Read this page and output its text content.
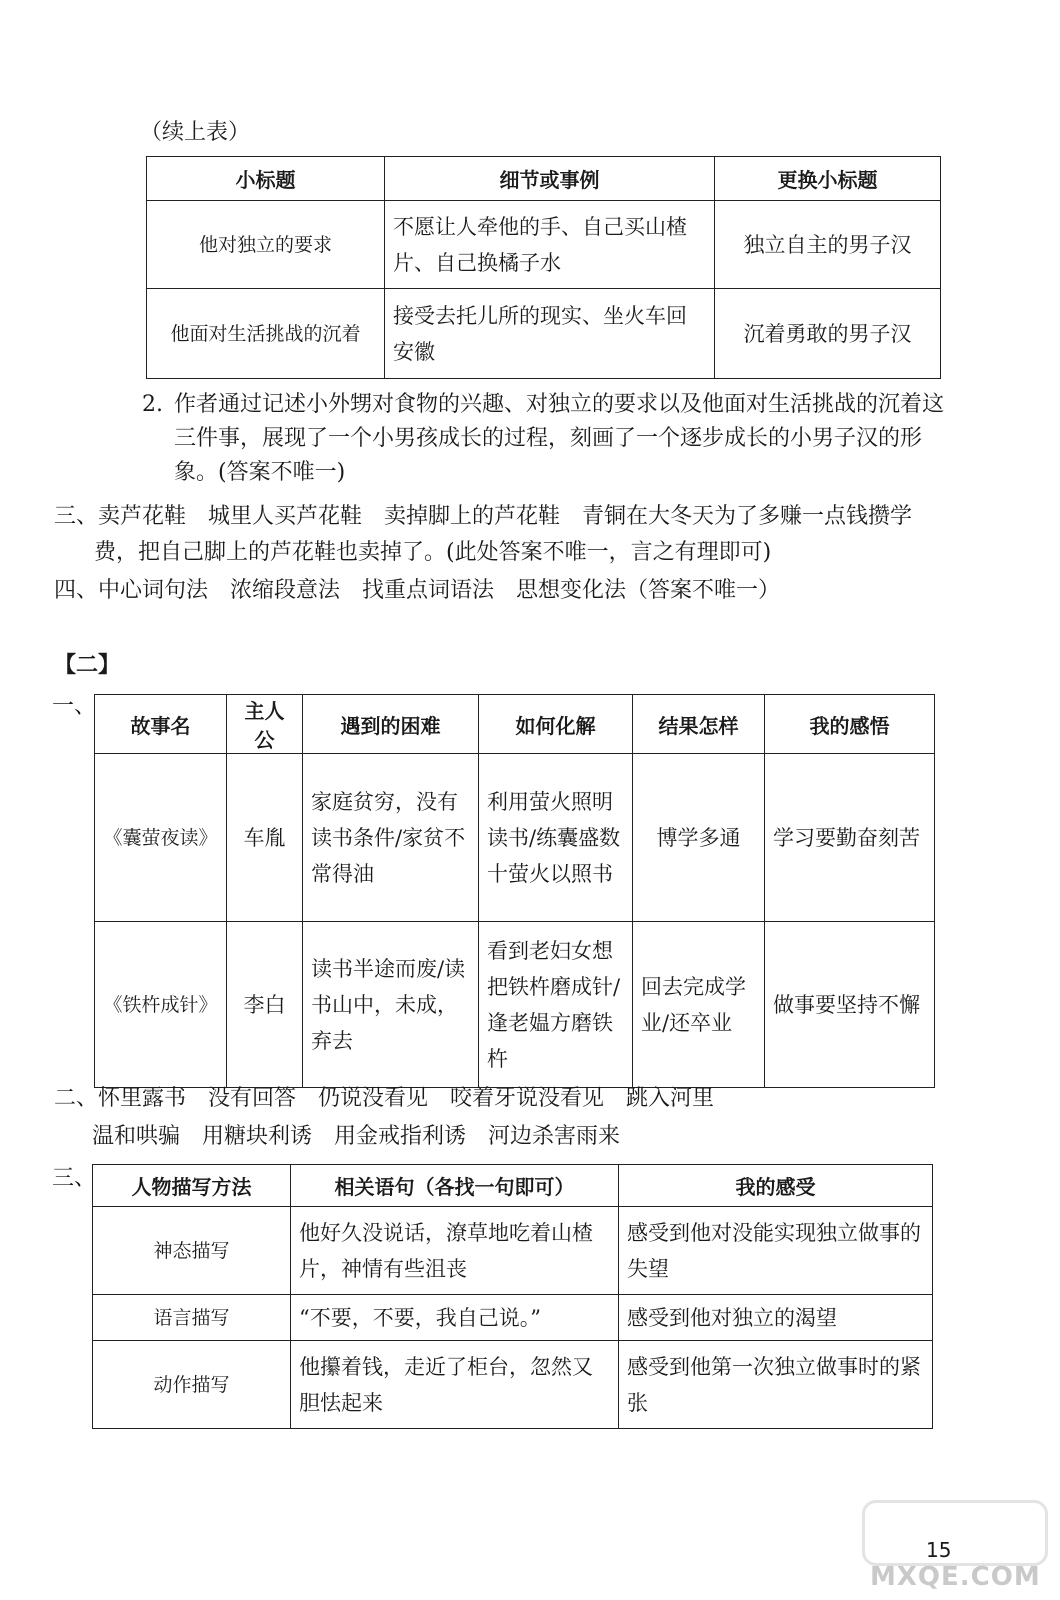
（续上表）
小标题	细节或事例	更换小标题
他对独立的要求	不愿让人牵他的手、自己买山楂片、自己换橘子水	独立自主的男子汉
他面对生活挑战的沉着	接受去托儿所的现实、坐火车回安徽	沉着勇敢的男子汉
2. 作者通过记述小外甥对食物的兴趣、对独立的要求以及他面对生活挑战的沉着这三件事，展现了一个小男孩成长的过程，刻画了一个逐步成长的小男子汉的形象。(答案不唯一)
三、卖芦花鞋　城里人买芦花鞋　卖掉脚上的芦花鞋　青铜在大冬天为了多赚一点钱攒学
费，把自己脚上的芦花鞋也卖掉了。(此处答案不唯一，言之有理即可)
四、中心词句法　浓缩段意法　找重点词语法　思想变化法（答案不唯一）
【二】
一、
故事名	主人公	遇到的困难	如何化解	结果怎样	我的感悟
《囊萤夜读》	车胤	家庭贫穷，没有读书条件/家贫不常得油	利用萤火照明读书/练囊盛数十萤火以照书	博学多通	学习要勤奋刻苦
《铁杵成针》	李白	读书半途而废/读书山中，未成，弃去	看到老妇女想把铁杵磨成针/逢老媪方磨铁杵	回去完成学业/还卒业	做事要坚持不懈
二、怀里露书　没有回答　仍说没看见　咬着牙说没看见　跳入河里
温和哄骗　用糖块利诱　用金戒指利诱　河边杀害雨来
三、 人物描写方法	相关语句（各找一句即可）	我的感受
神态描写	他好久没说话，潦草地吃着山楂片，神情有些沮丧	感受到他对没能实现独立做事的失望
语言描写	“不要，不要，我自己说。”	感受到他对独立的渴望
动作描写	他攥着钱，走近了柜台，忽然又胆怯起来	感受到他第一次独立做事时的紧张
MXQE.COM
15
